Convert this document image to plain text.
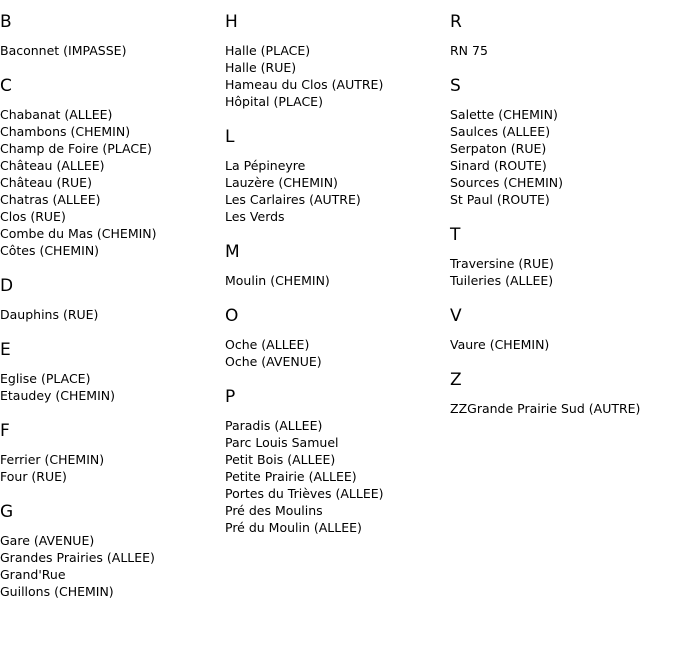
B
Baconnet (IMPASSE)
C
Chabanat (ALLEE)
Chambons (CHEMIN)
Champ de Foire (PLACE)
Château (ALLEE)
Château (RUE)
Chatras (ALLEE)
Clos (RUE)
Combe du Mas (CHEMIN)
Côtes (CHEMIN)
D
Dauphins (RUE)
E
Eglise (PLACE)
Etaudey (CHEMIN)
F
Ferrier (CHEMIN)
Four (RUE)
G
Gare (AVENUE)
Grandes Prairies (ALLEE)
Grand'Rue
Guillons (CHEMIN)
H
Halle (PLACE)
Halle (RUE)
Hameau du Clos (AUTRE)
Hôpital (PLACE)
L
La Pépineyre
Lauzère (CHEMIN)
Les Carlaires (AUTRE)
Les Verds
M
Moulin (CHEMIN)
O
Oche (ALLEE)
Oche (AVENUE)
P
Paradis (ALLEE)
Parc Louis Samuel
Petit Bois (ALLEE)
Petite Prairie (ALLEE)
Portes du Trièves (ALLEE)
Pré des Moulins
Pré du Moulin (ALLEE)
R
RN 75
S
Salette (CHEMIN)
Saulces (ALLEE)
Serpaton (RUE)
Sinard (ROUTE)
Sources (CHEMIN)
St Paul (ROUTE)
T
Traversine (RUE)
Tuileries (ALLEE)
V
Vaure (CHEMIN)
Z
ZZGrande Prairie Sud (AUTRE)
